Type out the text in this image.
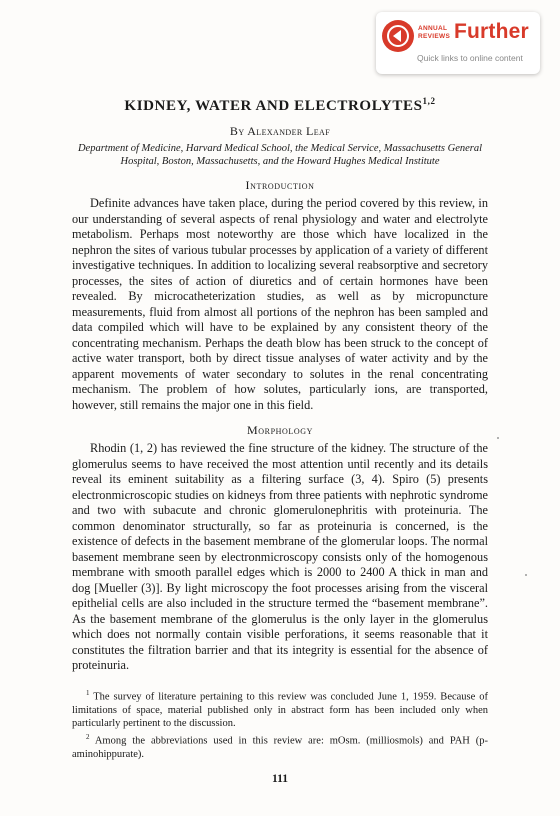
ANNUAL
REVIEWS Further
Quick links to online content
KIDNEY, WATER AND ELECTROLYTES$^{1,2}$
By Alexander Leaf
Department of Medicine, Harvard Medical School, the Medical Service, Massachusetts General Hospital, Boston, Massachusetts, and the Howard Hughes Medical Institute
Introduction

Definite advances have taken place, during the period covered by this review, in our understanding of several aspects of renal physiology and water and electrolyte metabolism. Perhaps most noteworthy are those which have localized in the nephron the sites of various tubular processes by application of a variety of different investigative techniques. In addition to localizing several reabsorptive and secretory processes, the sites of action of diuretics and of certain hormones have been revealed. By microcatheterization studies, as well as by micropuncture measurements, fluid from almost all portions of the nephron has been sampled and data compiled which will have to be explained by any consistent theory of the concentrating mechanism. Perhaps the death blow has been struck to the concept of active water transport, both by direct tissue analyses of water activity and by the apparent movements of water secondary to solutes in the renal concentrating mechanism. The problem of how solutes, particularly ions, are transported, however, still remains the major one in this field.

Morphology

Rhodin (1, 2) has reviewed the fine structure of the kidney. The structure of the glomerulus seems to have received the most attention until recently and its details reveal its eminent suitability as a filtering surface (3, 4). Spiro (5) presents electronmicroscopic studies on kidneys from three patients with nephrotic syndrome and two with subacute and chronic glomerulonephritis with proteinuria. The common denominator structurally, so far as proteinuria is concerned, is the existence of defects in the basement membrane of the glomerular loops. The normal basement membrane seen by electronmicroscopy consists only of the homogenous membrane with smooth parallel edges which is 2000 to 2400 A thick in man and dog [Mueller (3)]. By light microscopy the foot processes arising from the visceral epithelial cells are also included in the structure termed the “basement membrane”. As the basement membrane of the glomerulus is the only layer in the glomerulus which does not normally contain visible perforations, it seems reasonable that it constitutes the filtration barrier and that its integrity is essential for the absence of proteinuria.

$^1$ The survey of literature pertaining to this review was concluded June 1, 1959. Because of limitations of space, material published only in abstract form has been included only when particularly pertinent to the discussion.

$^2$ Among the abbreviations used in this review are: mOsm. (milliosmols) and PAH (p-aminohippurate).

111
